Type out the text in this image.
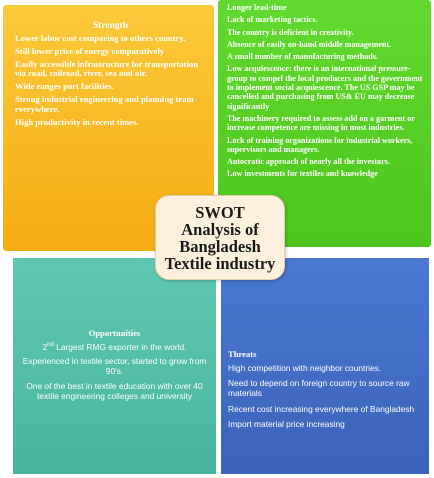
Strength
Lower labor cost comparing to others country.
Still lower price of energy comparatively
Easily accessible infrastructure for transportation via road, railroad, river, sea and air.
Wide ranges port facilities.
Strong industrial engineering and planning team everywhere.
High productivity in recent times.
Longer lead-time
Lack of marketing tactics.
The country is deficient in creativity.
Absence of easily on-hand middle management.
A small number of manufacturing methods.
Low acquiescence: there is an international pressure-group to compel the local producers and the government to implement social acquiescence. The US GSP may be cancelled and purchasing from US& EU may decrease significantly
The machinery required to assess add on a garment or increase competence are missing in most industries.
Lack of training organizations for industrial workers, supervisors and managers.
Autocratic approach of nearly all the investors.
Low investments for textiles and knowledge
Opportunities
2nd Largest RMG exporter in the world.
Experienced in textile sector, started to grow from 90's.
One of the best in textile education with over 40 textile engineering colleges and university
Threats
High competition with neighbor countries.
Need to depend on foreign country to source raw materials
Recent cost increasing everywhere of Bangladesh
Import material price increasing
SWOT
Analysis of
Bangladesh
Textile industry
